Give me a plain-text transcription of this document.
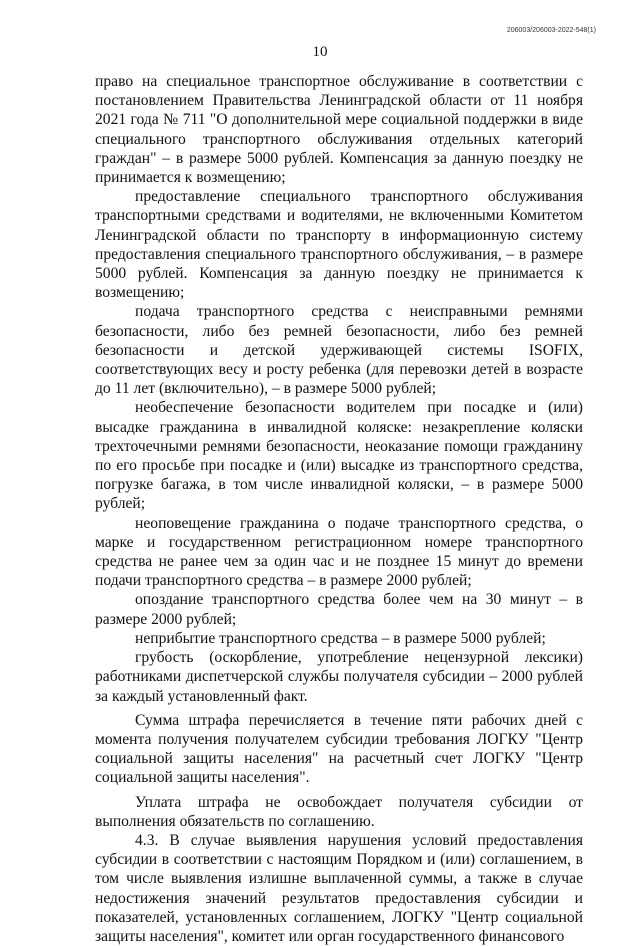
206003/206003-2022-548(1)
10

право на специальное транспортное обслуживание в соответствии с постановлением Правительства Ленинградской области от 11 ноября 2021 года № 711 "О дополнительной мере социальной поддержки в виде специального транспортного обслуживания отдельных категорий граждан" – в размере 5000 рублей. Компенсация за данную поездку не принимается к возмещению;

предоставление специального транспортного обслуживания транспортными средствами и водителями, не включенными Комитетом Ленинградской области по транспорту в информационную систему предоставления специального транспортного обслуживания, – в размере 5000 рублей. Компенсация за данную поездку не принимается к возмещению;

подача транспортного средства с неисправными ремнями безопасности, либо без ремней безопасности, либо без ремней безопасности и детской удерживающей системы ISOFIX, соответствующих весу и росту ребенка (для перевозки детей в возрасте до 11 лет (включительно), – в размере 5000 рублей;

необеспечение безопасности водителем при посадке и (или) высадке гражданина в инвалидной коляске: незакрепление коляски трехточечными ремнями безопасности, неоказание помощи гражданину по его просьбе при посадке и (или) высадке из транспортного средства, погрузке багажа, в том числе инвалидной коляски, – в размере 5000 рублей;

неоповещение гражданина о подаче транспортного средства, о марке и государственном регистрационном номере транспортного средства не ранее чем за один час и не позднее 15 минут до времени подачи транспортного средства – в размере 2000 рублей;

опоздание транспортного средства более чем на 30 минут – в размере 2000 рублей;

неприбытие транспортного средства – в размере 5000 рублей;

грубость (оскорбление, употребление нецензурной лексики) работниками диспетчерской службы получателя субсидии – 2000 рублей за каждый установленный факт.

Сумма штрафа перечисляется в течение пяти рабочих дней с момента получения получателем субсидии требования ЛОГКУ "Центр социальной защиты населения" на расчетный счет ЛОГКУ "Центр социальной защиты населения".

Уплата штрафа не освобождает получателя субсидии от выполнения обязательств по соглашению.

4.3. В случае выявления нарушения условий предоставления субсидии в соответствии с настоящим Порядком и (или) соглашением, в том числе выявления излишне выплаченной суммы, а также в случае недостижения значений результатов предоставления субсидии и показателей, установленных соглашением, ЛОГКУ "Центр социальной защиты населения", комитет или орган государственного финансового
